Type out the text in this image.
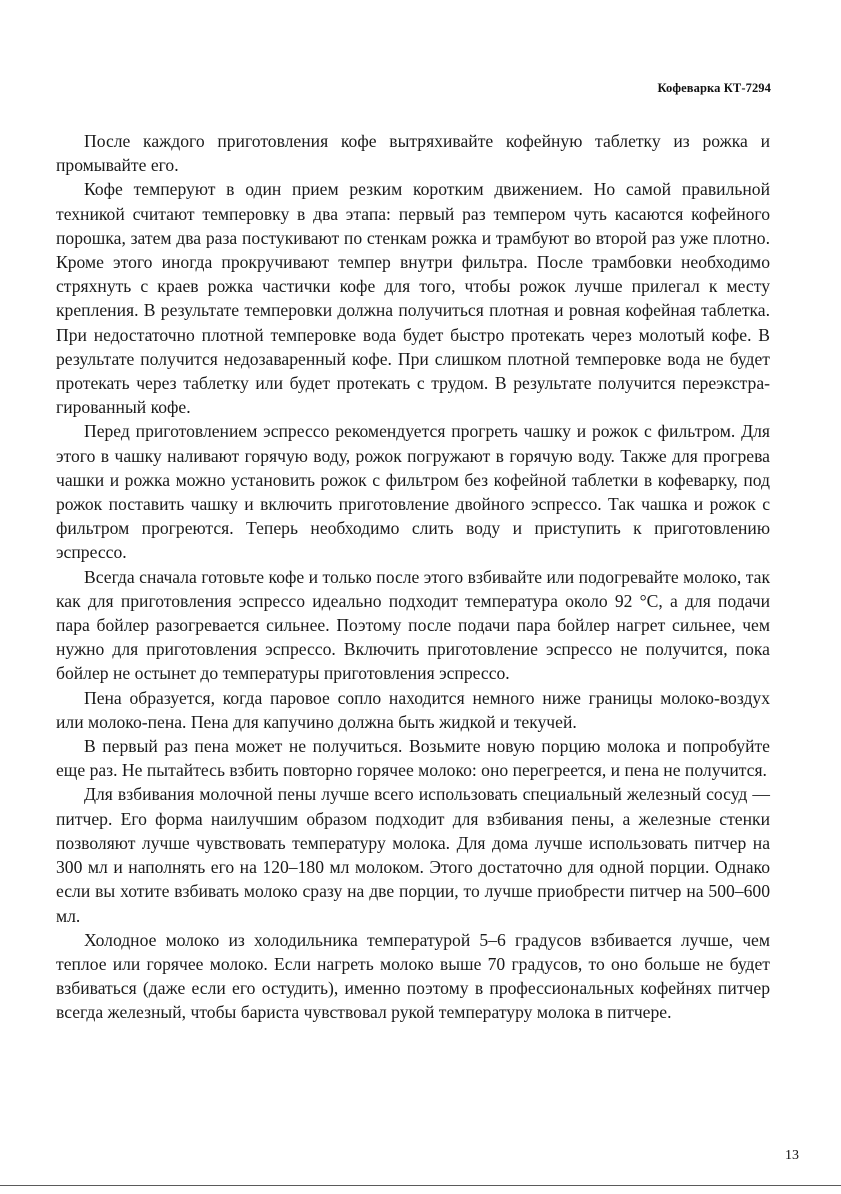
Кофеварка КТ-7294

После каждого приготовления кофе вытряхивайте кофейную таблетку из рожка и промывайте его.

Кофе темперуют в один прием резким коротким движением. Но самой правильной техникой считают темперовку в два этапа: первый раз темпером чуть касаются кофейного порошка, затем два раза постукивают по стенкам рожка и трамбуют во второй раз уже плотно. Кроме этого иногда прокручивают темпер внутри фильтра. После трамбовки необходимо стряхнуть с краев рожка частички кофе для того, чтобы рожок лучше прилегал к месту крепления. В результате темперовки должна получиться плотная и ровная кофейная таблетка. При недостаточно плотной темперовке вода будет быстро протекать через молотый кофе. В результате получится недозаваренный кофе. При слишком плотной темперовке вода не будет протекать через таблетку или будет протекать с трудом. В результате получится переэкстрагированный кофе.

Перед приготовлением эспрессо рекомендуется прогреть чашку и рожок с фильтром. Для этого в чашку наливают горячую воду, рожок погружают в горячую воду. Также для прогрева чашки и рожка можно установить рожок с фильтром без кофейной таблетки в кофеварку, под рожок поставить чашку и включить приготовление двойного эспрессо. Так чашка и рожок с фильтром прогреются. Теперь необходимо слить воду и приступить к приготовлению эспрессо.

Всегда сначала готовьте кофе и только после этого взбивайте или подогревайте молоко, так как для приготовления эспрессо идеально подходит температура около 92 °C, а для подачи пара бойлер разогревается сильнее. Поэтому после подачи пара бойлер нагрет сильнее, чем нужно для приготовления эспрессо. Включить приготовление эспрессо не получится, пока бойлер не остынет до температуры приготовления эспрессо.

Пена образуется, когда паровое сопло находится немного ниже границы молоко-воздух или молоко-пена. Пена для капучино должна быть жидкой и текучей.

В первый раз пена может не получиться. Возьмите новую порцию молока и попробуйте еще раз. Не пытайтесь взбить повторно горячее молоко: оно перегреется, и пена не получится.

Для взбивания молочной пены лучше всего использовать специальный железный сосуд — питчер. Его форма наилучшим образом подходит для взбивания пены, а железные стенки позволяют лучше чувствовать температуру молока. Для дома лучше использовать питчер на 300 мл и наполнять его на 120–180 мл молоком. Этого достаточно для одной порции. Однако если вы хотите взбивать молоко сразу на две порции, то лучше приобрести питчер на 500–600 мл.

Холодное молоко из холодильника температурой 5–6 градусов взбивается лучше, чем теплое или горячее молоко. Если нагреть молоко выше 70 градусов, то оно больше не будет взбиваться (даже если его остудить), именно поэтому в профессиональных кофейнях питчер всегда железный, чтобы бариста чувствовал рукой температуру молока в питчере.

13
